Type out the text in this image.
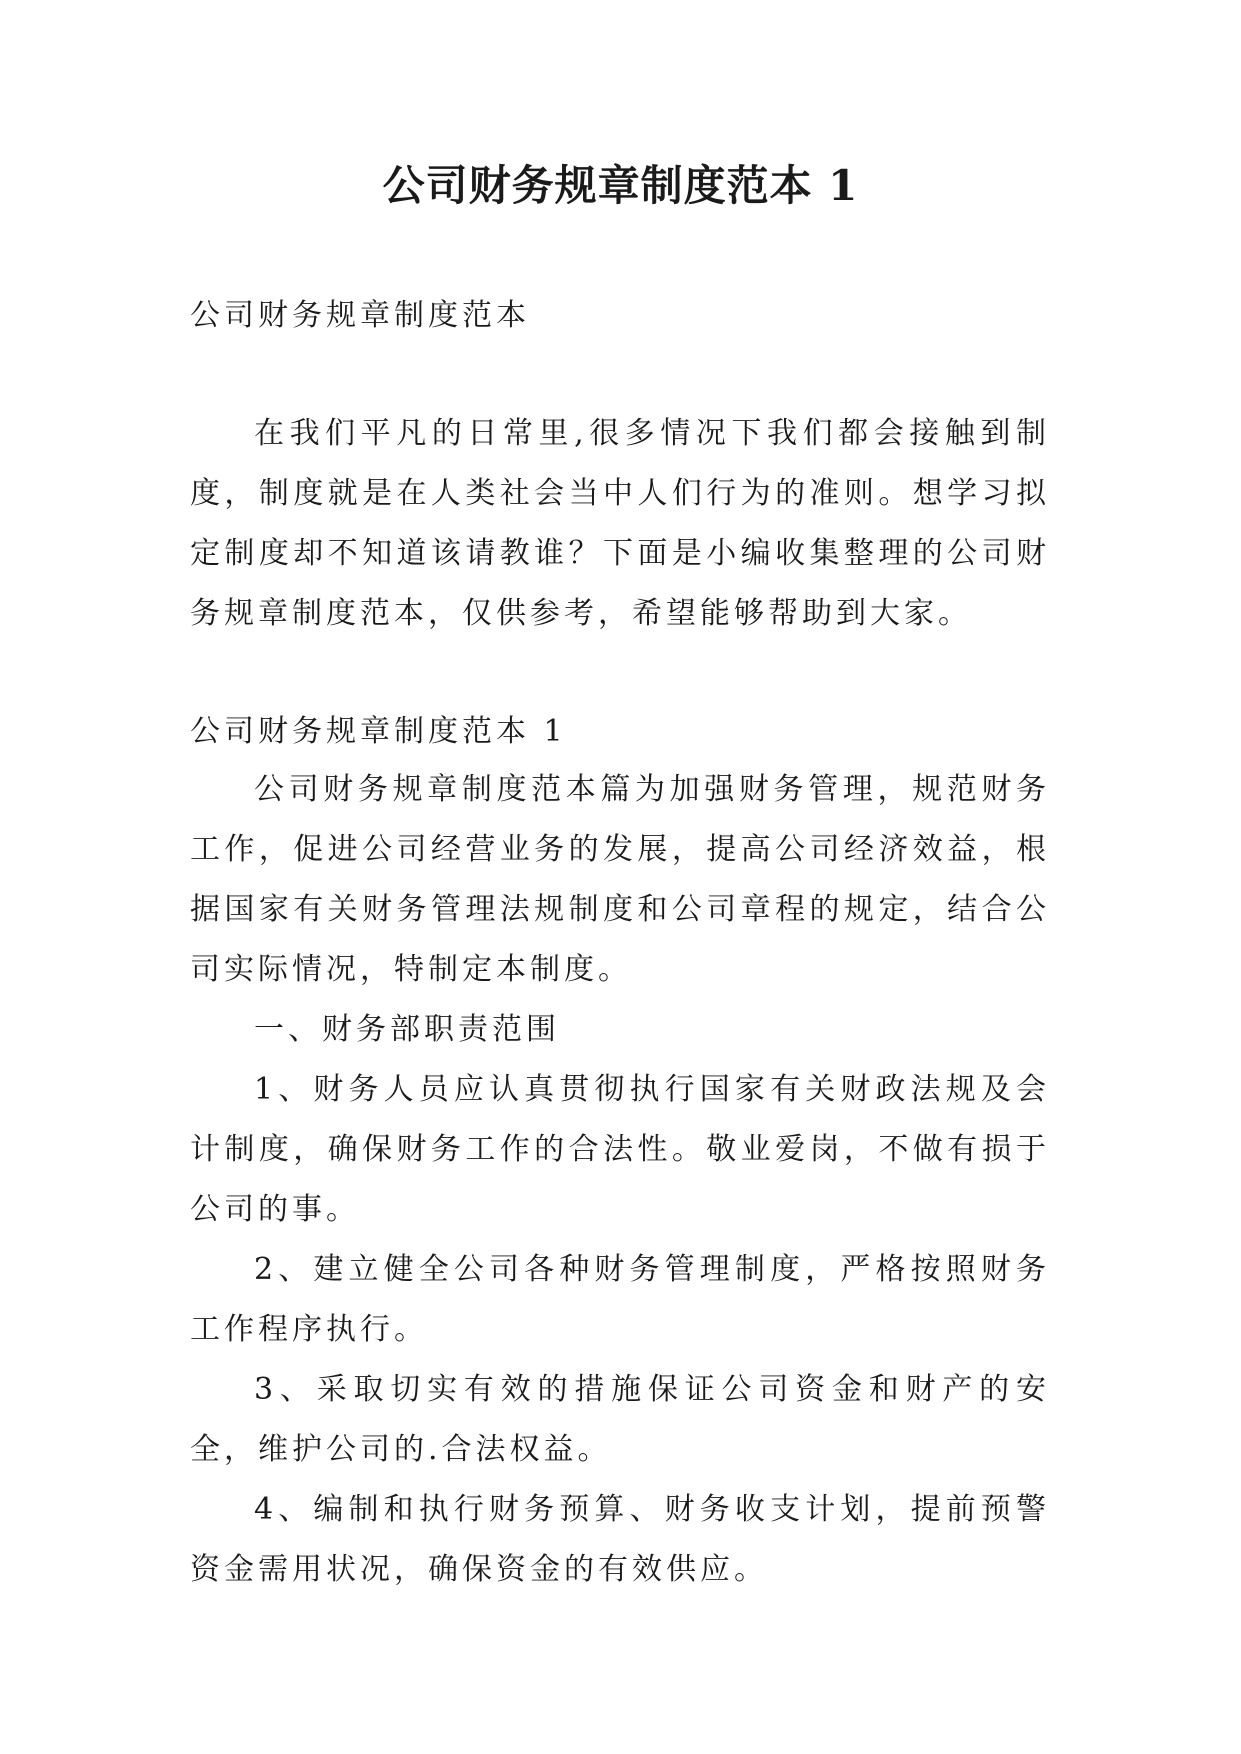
公司财务规章制度范本 1

公司财务规章制度范本

在我们平凡的日常里,很多情况下我们都会接触到制度，制度就是在人类社会当中人们行为的准则。想学习拟定制度却不知道该请教谁？下面是小编收集整理的公司财务规章制度范本，仅供参考，希望能够帮助到大家。

公司财务规章制度范本 1

公司财务规章制度范本篇为加强财务管理，规范财务工作，促进公司经营业务的发展，提高公司经济效益，根据国家有关财务管理法规制度和公司章程的规定，结合公司实际情况，特制定本制度。

一、财务部职责范围

1、财务人员应认真贯彻执行国家有关财政法规及会计制度，确保财务工作的合法性。敬业爱岗，不做有损于公司的事。

2、建立健全公司各种财务管理制度，严格按照财务工作程序执行。

3、采取切实有效的措施保证公司资金和财产的安全，维护公司的.合法权益。

4、编制和执行财务预算、财务收支计划，提前预警资金需用状况，确保资金的有效供应。
